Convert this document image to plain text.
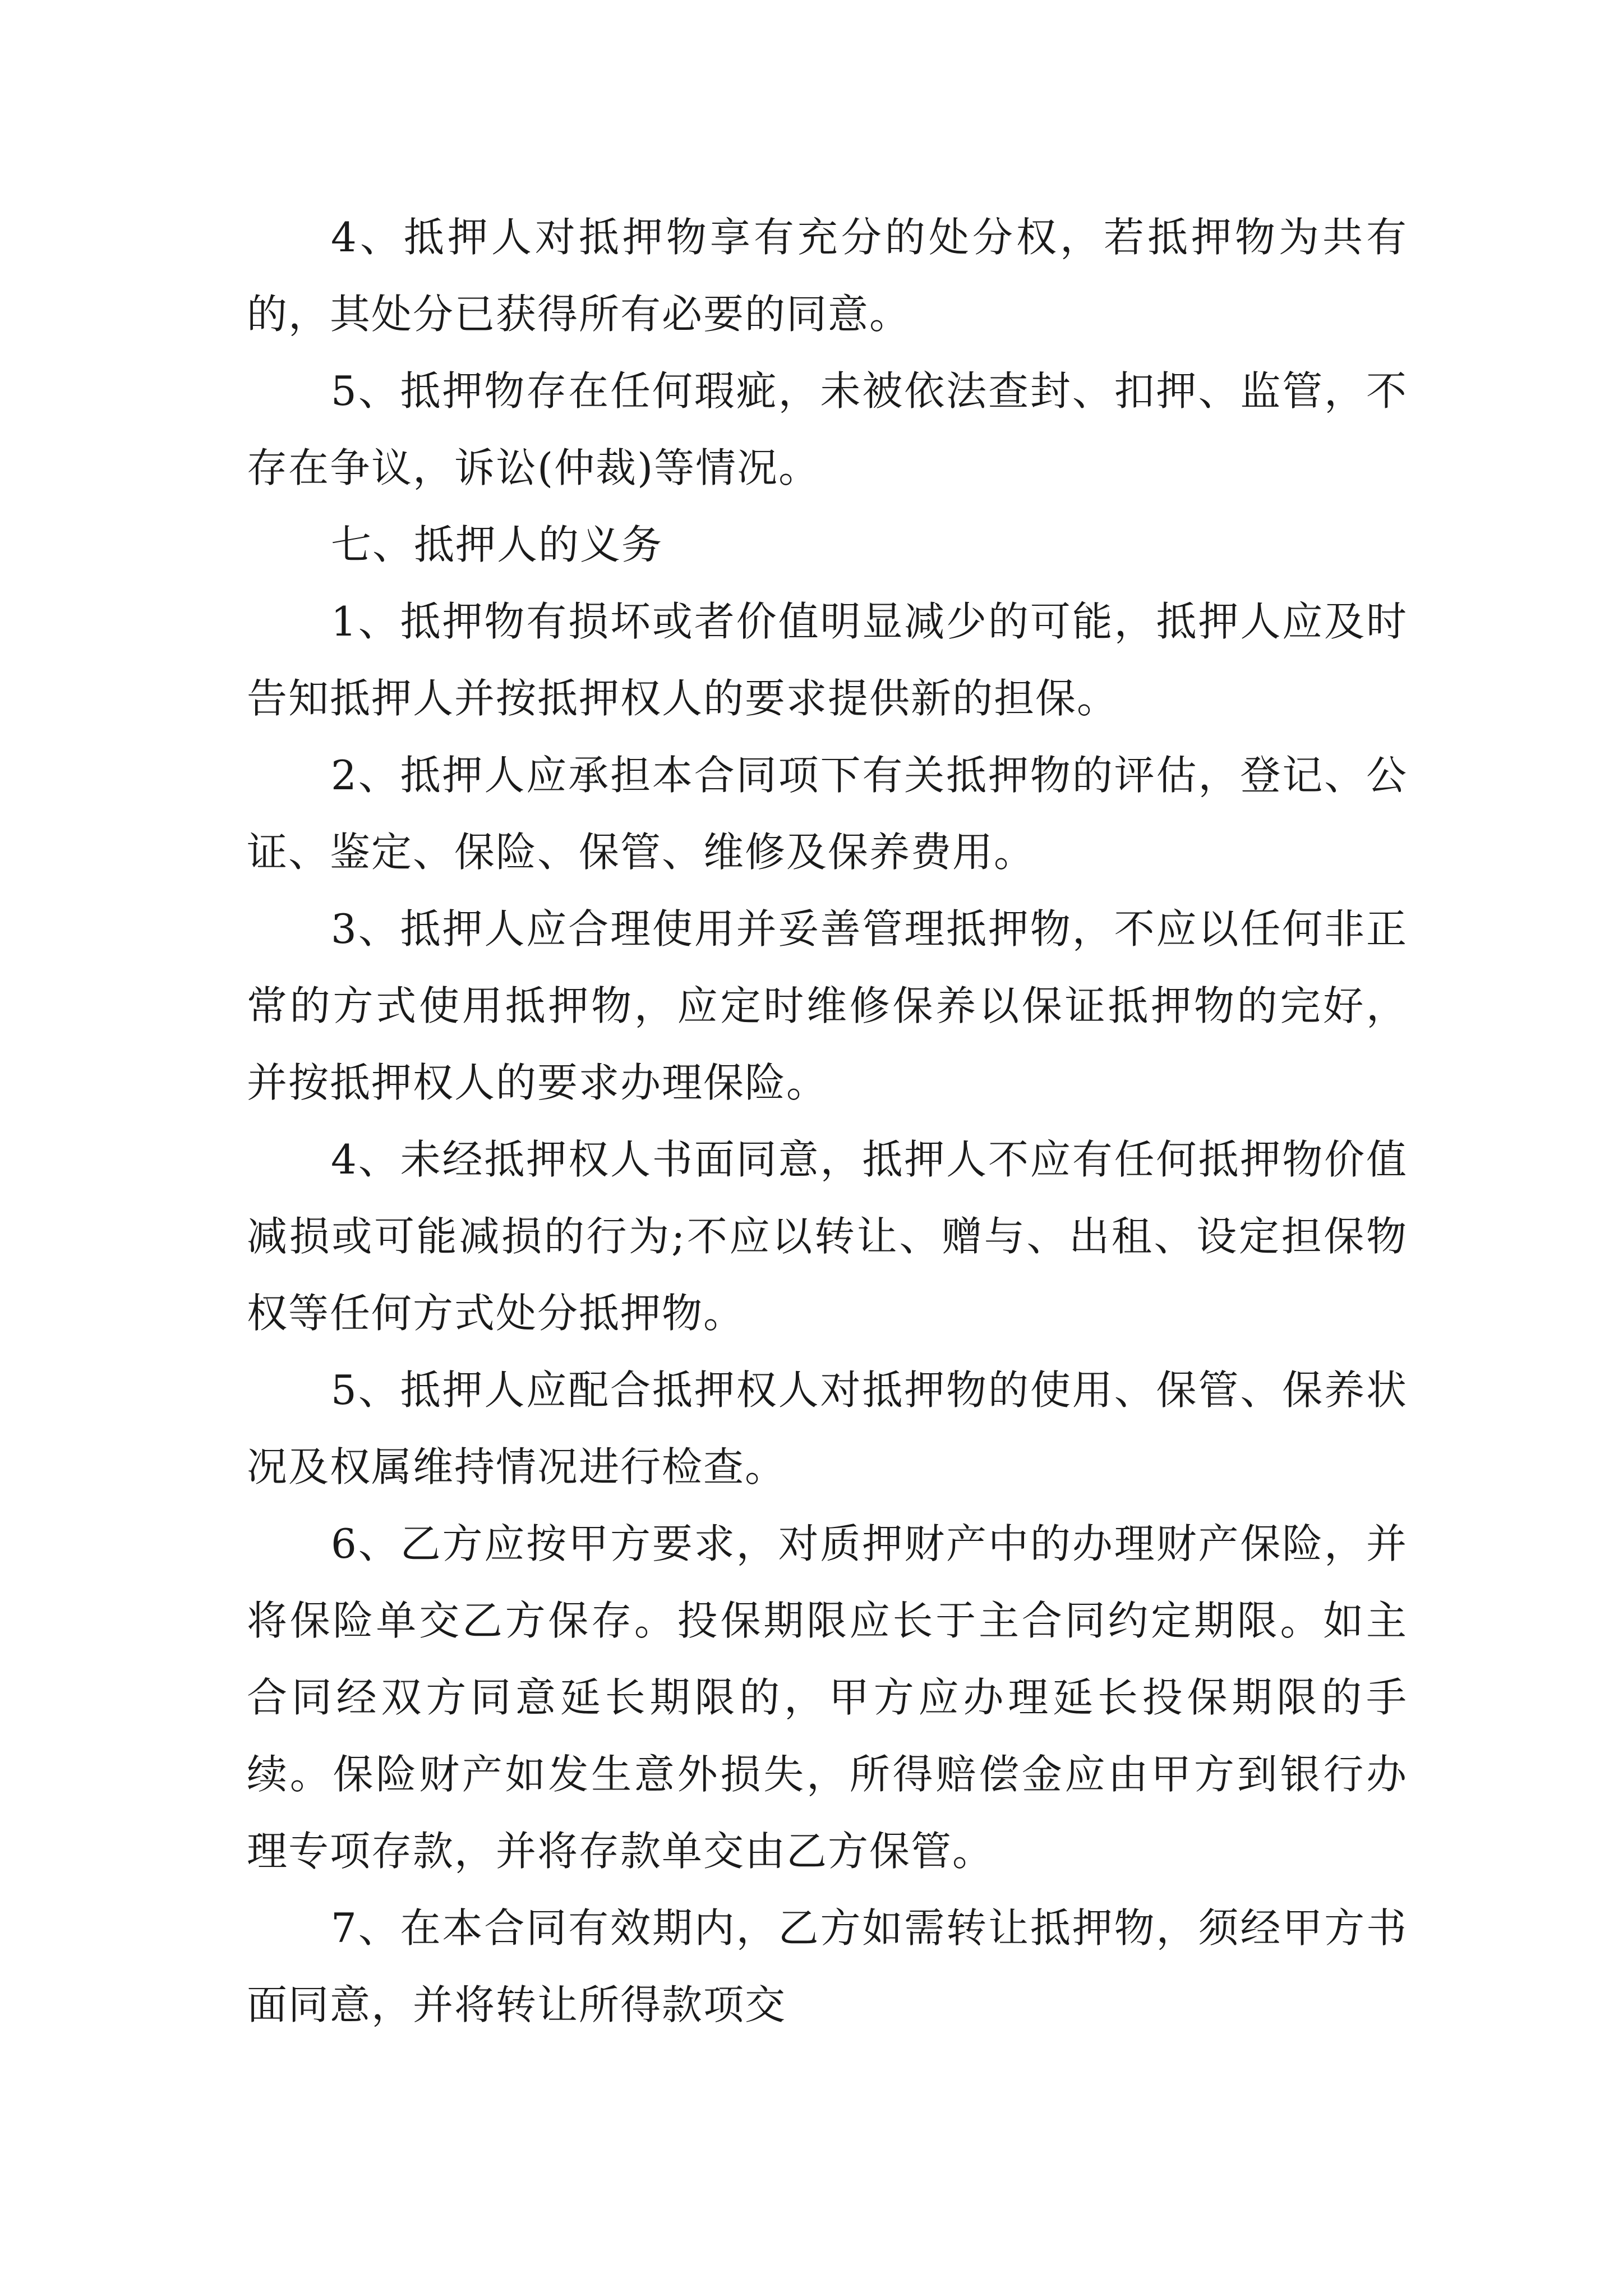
4、抵押人对抵押物享有充分的处分权，若抵押物为共有的，其处分已获得所有必要的同意。

5、抵押物存在任何瑕疵，未被依法查封、扣押、监管，不存在争议，诉讼(仲裁)等情况。

七、抵押人的义务

1、抵押物有损坏或者价值明显减少的可能，抵押人应及时告知抵押人并按抵押权人的要求提供新的担保。

2、抵押人应承担本合同项下有关抵押物的评估，登记、公证、鉴定、保险、保管、维修及保养费用。

3、抵押人应合理使用并妥善管理抵押物，不应以任何非正常的方式使用抵押物，应定时维修保养以保证抵押物的完好，并按抵押权人的要求办理保险。

4、未经抵押权人书面同意，抵押人不应有任何抵押物价值减损或可能减损的行为;不应以转让、赠与、出租、设定担保物权等任何方式处分抵押物。

5、抵押人应配合抵押权人对抵押物的使用、保管、保养状况及权属维持情况进行检查。

6、乙方应按甲方要求，对质押财产中的办理财产保险，并将保险单交乙方保存。投保期限应长于主合同约定期限。如主合同经双方同意延长期限的，甲方应办理延长投保期限的手续。保险财产如发生意外损失，所得赔偿金应由甲方到银行办理专项存款，并将存款单交由乙方保管。

7、在本合同有效期内，乙方如需转让抵押物，须经甲方书面同意，并将转让所得款项交
